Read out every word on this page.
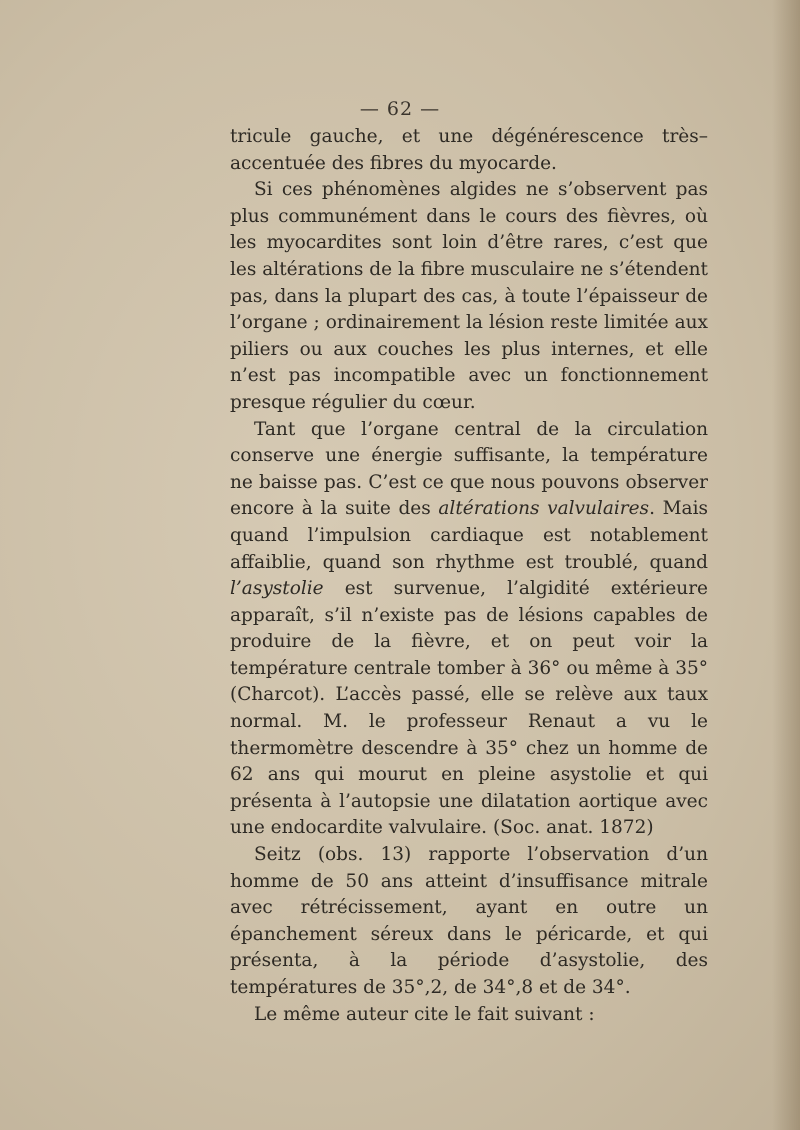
— 62 —

tricule gauche, et une dégénérescence très–accentuée des fibres du myocarde.

Si ces phénomènes algides ne s’observent pas plus communément dans le cours des fièvres, où les myocardites sont loin d’être rares, c’est que les altérations de la fibre musculaire ne s’étendent pas, dans la plupart des cas, à toute l’épaisseur de l’organe ; ordinairement la lésion reste limitée aux piliers ou aux couches les plus internes, et elle n’est pas incompatible avec un fonctionnement presque régulier du cœur.

Tant que l’organe central de la circulation conserve une énergie suffisante, la température ne baisse pas. C’est ce que nous pouvons observer encore à la suite des altérations valvulaires. Mais quand l’impulsion cardiaque est notablement affaiblie, quand son rhythme est troublé, quand l’asystolie est survenue, l’algidité extérieure apparaît, s’il n’existe pas de lésions capables de produire de la fièvre, et on peut voir la température centrale tomber à 36° ou même à 35° (Charcot). L’accès passé, elle se relève aux taux normal. M. le professeur Renaut a vu le thermomètre descendre à 35° chez un homme de 62 ans qui mourut en pleine asystolie et qui présenta à l’autopsie une dilatation aortique avec une endocardite valvulaire. (Soc. anat. 1872)

Seitz (obs. 13) rapporte l’observation d’un homme de 50 ans atteint d’insuffisance mitrale avec rétrécissement, ayant en outre un épanchement séreux dans le péricarde, et qui présenta, à la période d’asystolie, des températures de 35°,2, de 34°,8 et de 34°.

Le même auteur cite le fait suivant :
